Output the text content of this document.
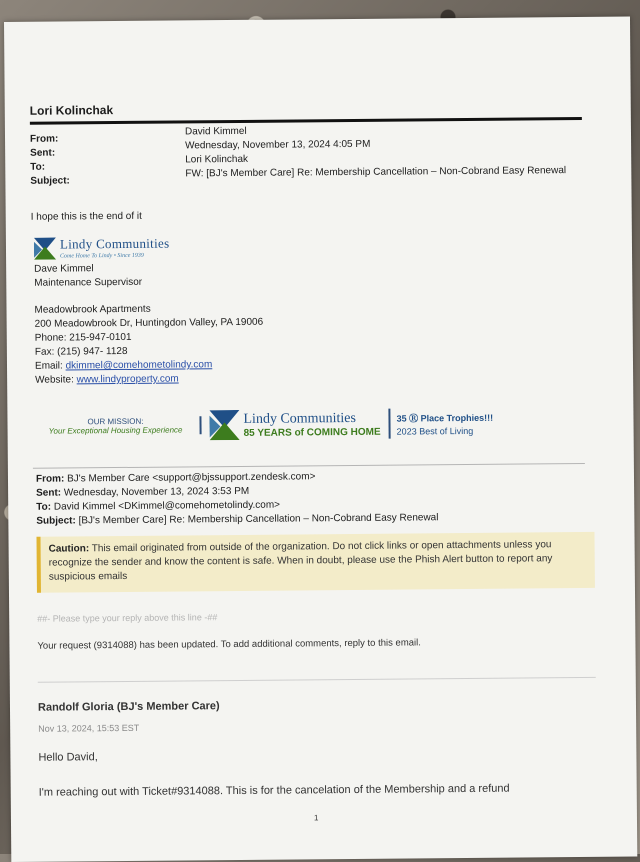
Lori Kolinchak
From:
Sent:
To:
Subject:
David Kimmel
Wednesday, November 13, 2024 4:05 PM
Lori Kolinchak
FW: [BJ's Member Care] Re: Membership Cancellation – Non-Cobrand Easy Renewal
I hope this is the end of it
Lindy Communities
Come Home To Lindy • Since 1939
Dave Kimmel
Maintenance Supervisor
Meadowbrook Apartments
200 Meadowbrook Dr, Huntingdon Valley, PA 19006
Phone: 215-947-0101
Fax: (215) 947- 1128
Email: dkimmel@comehometolindy.com
Website: www.lindyproperty.com
OUR MISSION:
Your Exceptional Housing Experience
Lindy Communities
85 YEARS of COMING HOME
35 Ⓡ Place Trophies!!!
2023 Best of Living
From: BJ's Member Care <support@bjssupport.zendesk.com>
Sent: Wednesday, November 13, 2024 3:53 PM
To: David Kimmel <DKimmel@comehometolindy.com>
Subject: [BJ's Member Care] Re: Membership Cancellation – Non-Cobrand Easy Renewal
Caution: This email originated from outside of the organization. Do not click links or open attachments unless you recognize the sender and know the content is safe. When in doubt, please use the Phish Alert button to report any suspicious emails
##- Please type your reply above this line -##
Your request (9314088) has been updated. To add additional comments, reply to this email.
Randolf Gloria (BJ's Member Care)
Nov 13, 2024, 15:53 EST
Hello David,
I'm reaching out with Ticket#9314088. This is for the cancelation of the Membership and a refund
1
